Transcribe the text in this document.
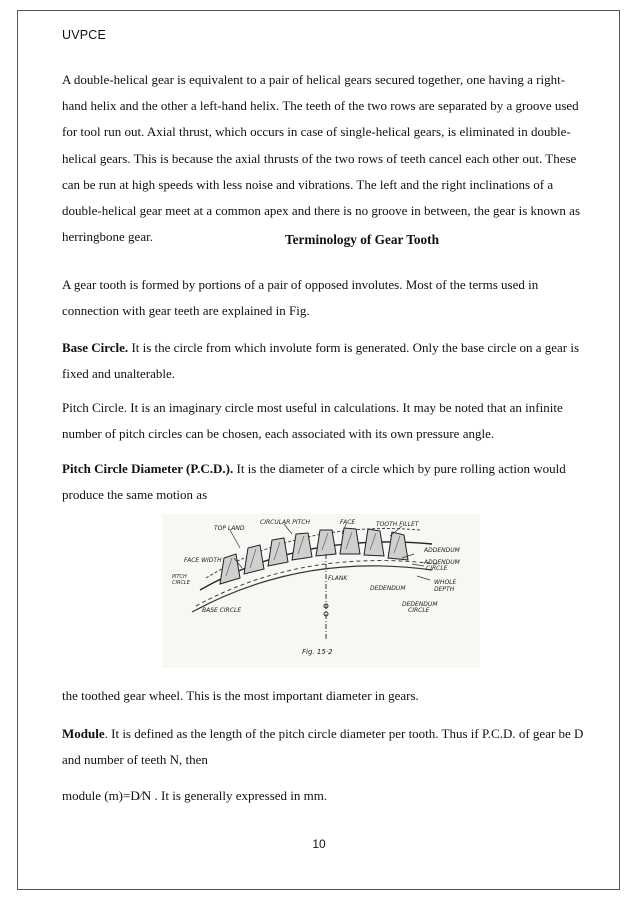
UVPCE

A double-helical gear is equivalent to a pair of helical gears secured together, one having a right-
hand helix and the other a left-hand helix. The teeth of the two rows are separated by a groove used
for tool run out. Axial thrust, which occurs in case of single-helical gears, is eliminated in double-
helical gears. This is because the axial thrusts of the two rows of teeth cancel each other out. These
can be run at high speeds with less noise and vibrations. The left and the right inclinations of a
double-helical gear meet at a common apex and there is no groove in between, the gear is known as
herringbone gear.	Terminology of Gear Tooth

A gear tooth is formed by portions of a pair of opposed involutes. Most of the terms used in
connection with gear teeth are explained in Fig.

Base Circle. It is the circle from which involute form is generated. Only the base circle on a gear is
fixed and unalterable.

Pitch Circle. It is an imaginary circle most useful in calculations. It may be noted that an infinite
number of pitch circles can be chosen, each associated with its own pressure angle.

Pitch Circle Diameter (P.C.D.). It is the diameter of a circle which by pure rolling action would
produce the same motion as

TOP LAND
CIRCULAR PITCH	FACE	TOOTH FILLET
FACE WIDTH
PITCH
CIRCLE
ADDENDUM
ADDENDUM
CIRCLE
FLANK
DEDENDUM
WHOLE
DEPTH
BASE CIRCLE
DEDENDUM
CIRCLE
Fig. 15·2

the toothed gear wheel. This is the most important diameter in gears.

Module. It is defined as the length of the pitch circle diameter per tooth. Thus if P.C.D. of gear be D
and number of teeth N, then

module (m)=D⁄N . It is generally expressed in mm.

10
